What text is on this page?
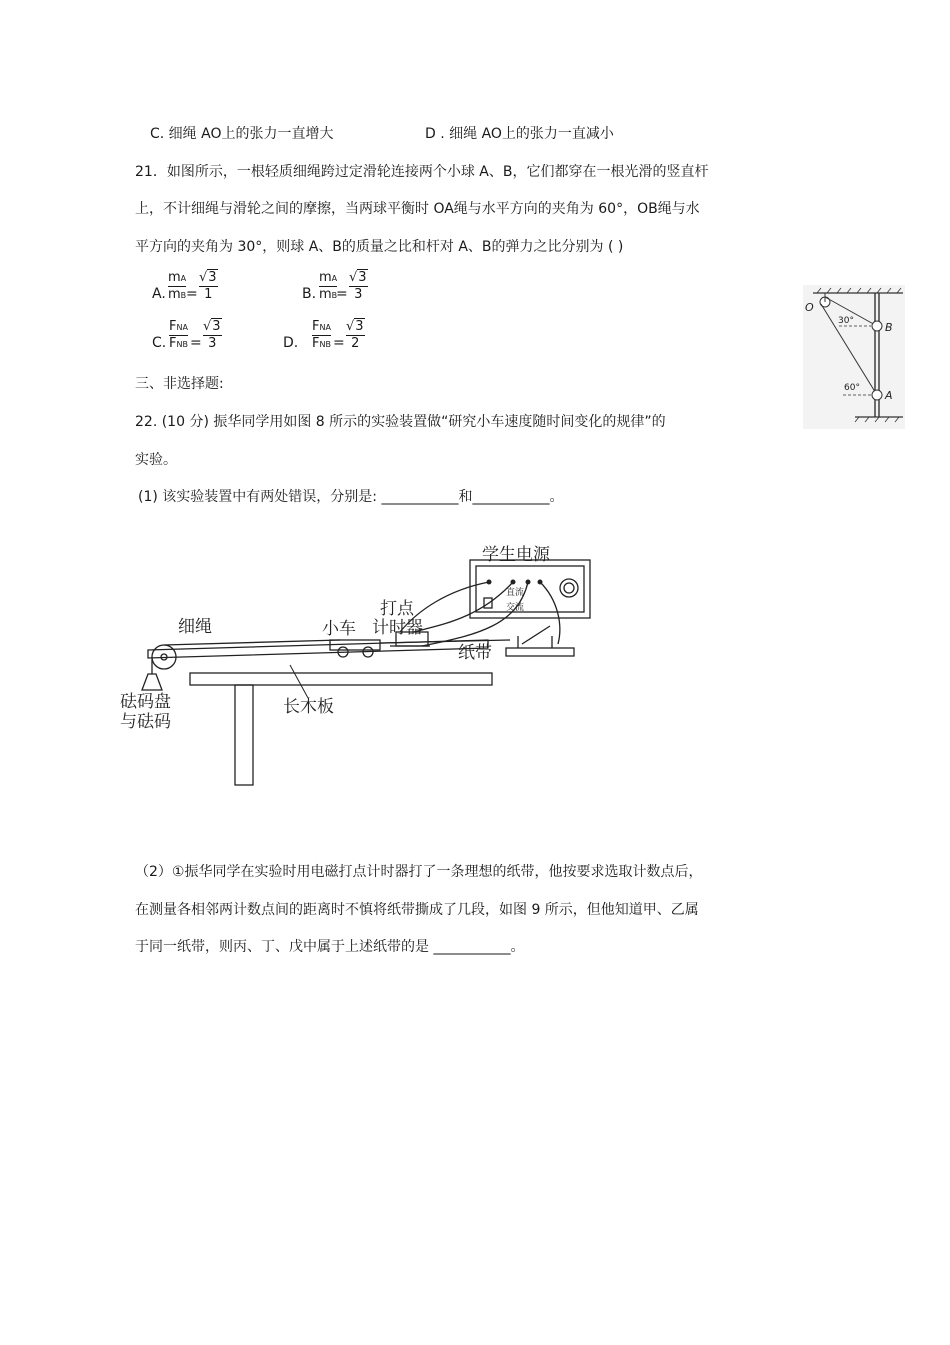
C. 细绳 AO上的张力一直增大	D . 细绳 AO上的张力一直减小
21．如图所示，一根轻质细绳跨过定滑轮连接两个小球 A、B，它们都穿在一根光滑的竖直杆
上，不计细绳与滑轮之间的摩擦，当两球平衡时 OA绳与水平方向的夹角为 60°，OB绳与水
平方向的夹角为 30°，则球 A、B的质量之比和杆对 A、B的弹力之比分别为 ( )
A.
mA
mB =
√3
1	B.
mA
mB
=
√3
3
C.
FNA
FNB =
√3
3	D.
FNA
FNB =
√3
2
O
B
A
30°
60°
三、非选择题:
22. (10 分) 振华同学用如图 8 所示的实验装置做“研究小车速度随时间变化的规律”的
实验。
(1) 该实验装置中有两处错误，分别是: ___________和___________。
学生电源
直流
交流
打点
计时器
小车
细绳
纸带
长木板
砝码盘
与砝码
（2）①振华同学在实验时用电磁打点计时器打了一条理想的纸带，他按要求选取计数点后，
在测量各相邻两计数点间的距离时不慎将纸带撕成了几段，如图 9 所示，但他知道甲、乙属
于同一纸带，则丙、丁、戊中属于上述纸带的是 ___________。
